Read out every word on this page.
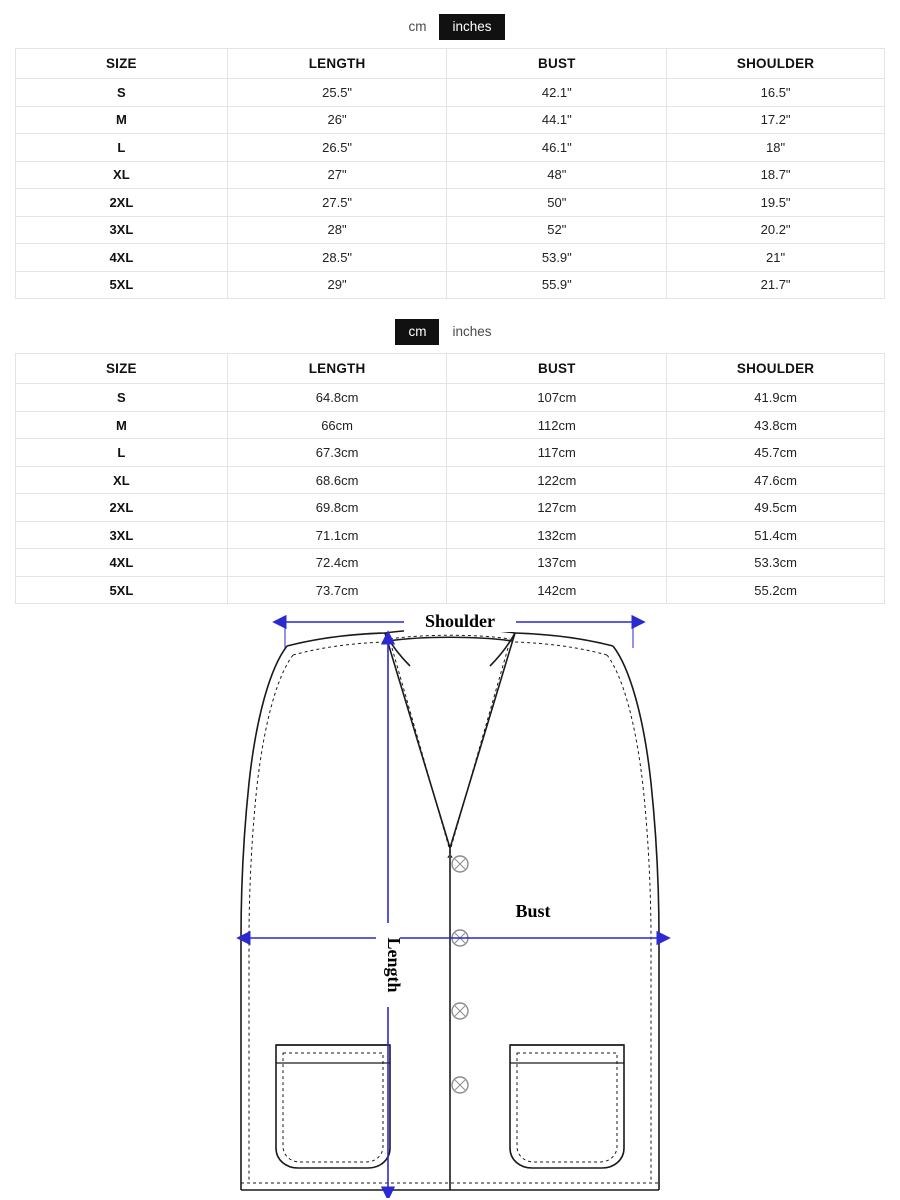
cm	inches
SIZE	LENGTH	BUST	SHOULDER
S	25.5"	42.1"	16.5"
M	26"	44.1"	17.2"
L	26.5"	46.1"	18"
XL	27"	48"	18.7"
2XL	27.5"	50"	19.5"
3XL	28"	52"	20.2"
4XL	28.5"	53.9"	21"
5XL	29"	55.9"	21.7"
cm	inches
SIZE	LENGTH	BUST	SHOULDER
S	64.8cm	107cm	41.9cm
M	66cm	112cm	43.8cm
L	67.3cm	117cm	45.7cm
XL	68.6cm	122cm	47.6cm
2XL	69.8cm	127cm	49.5cm
3XL	71.1cm	132cm	51.4cm
4XL	72.4cm	137cm	53.3cm
5XL	73.7cm	142cm	55.2cm
Shoulder
Bust
Length
